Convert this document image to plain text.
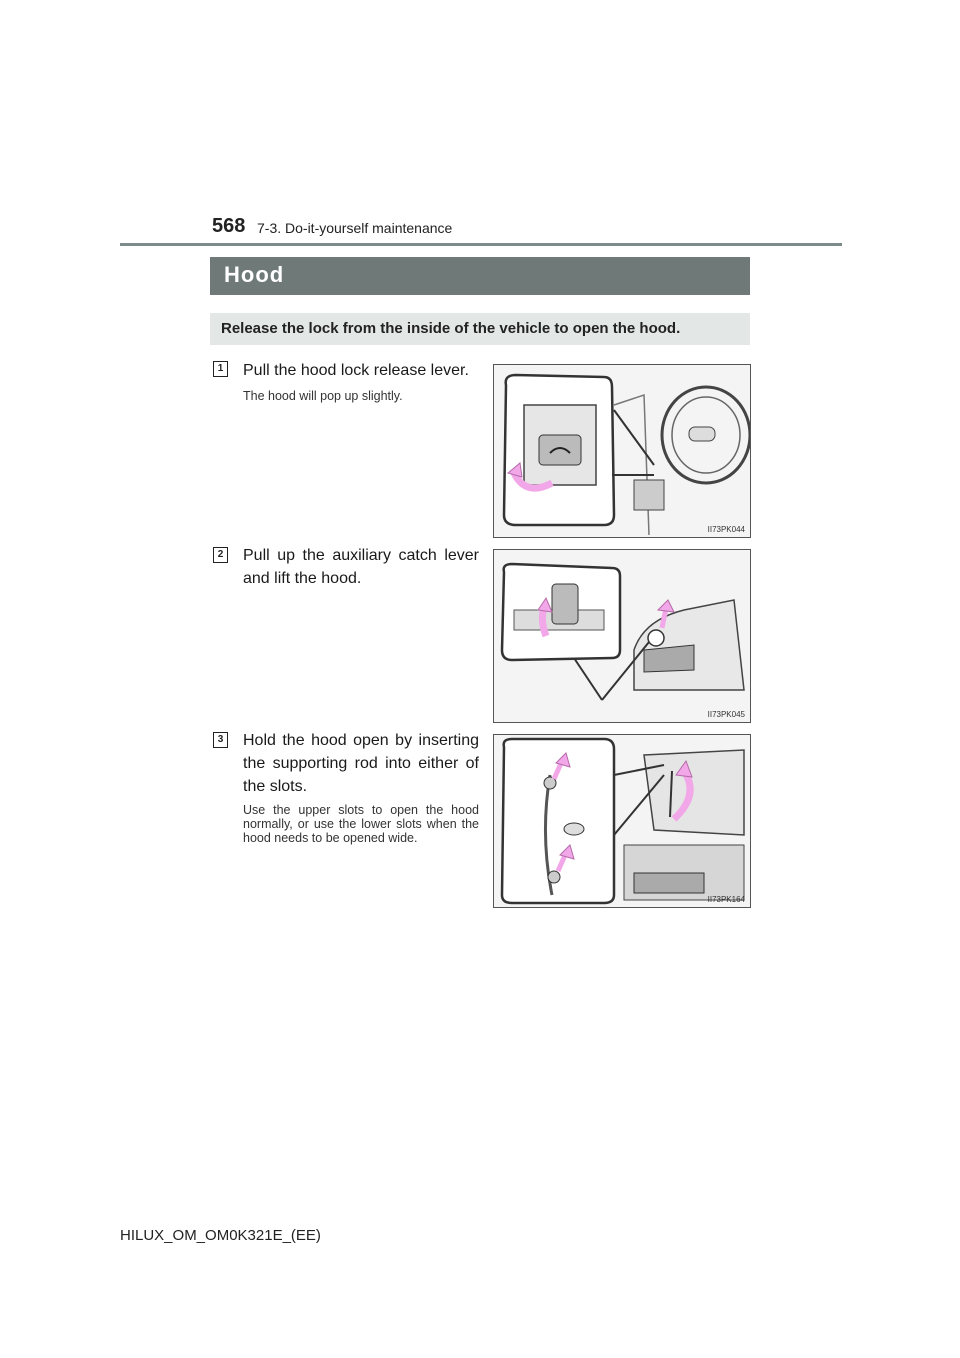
568 7-3. Do-it-yourself maintenance
Hood
Release the lock from the inside of the vehicle to open the hood.
1 Pull the hood lock release lever.
The hood will pop up slightly.
II73PK044
2 Pull up the auxiliary catch lever and lift the hood.
II73PK045
3 Hold the hood open by inserting the supporting rod into either of the slots.
Use the upper slots to open the hood normally, or use the lower slots when the hood needs to be opened wide.
II73PK164
HILUX_OM_OM0K321E_(EE)
